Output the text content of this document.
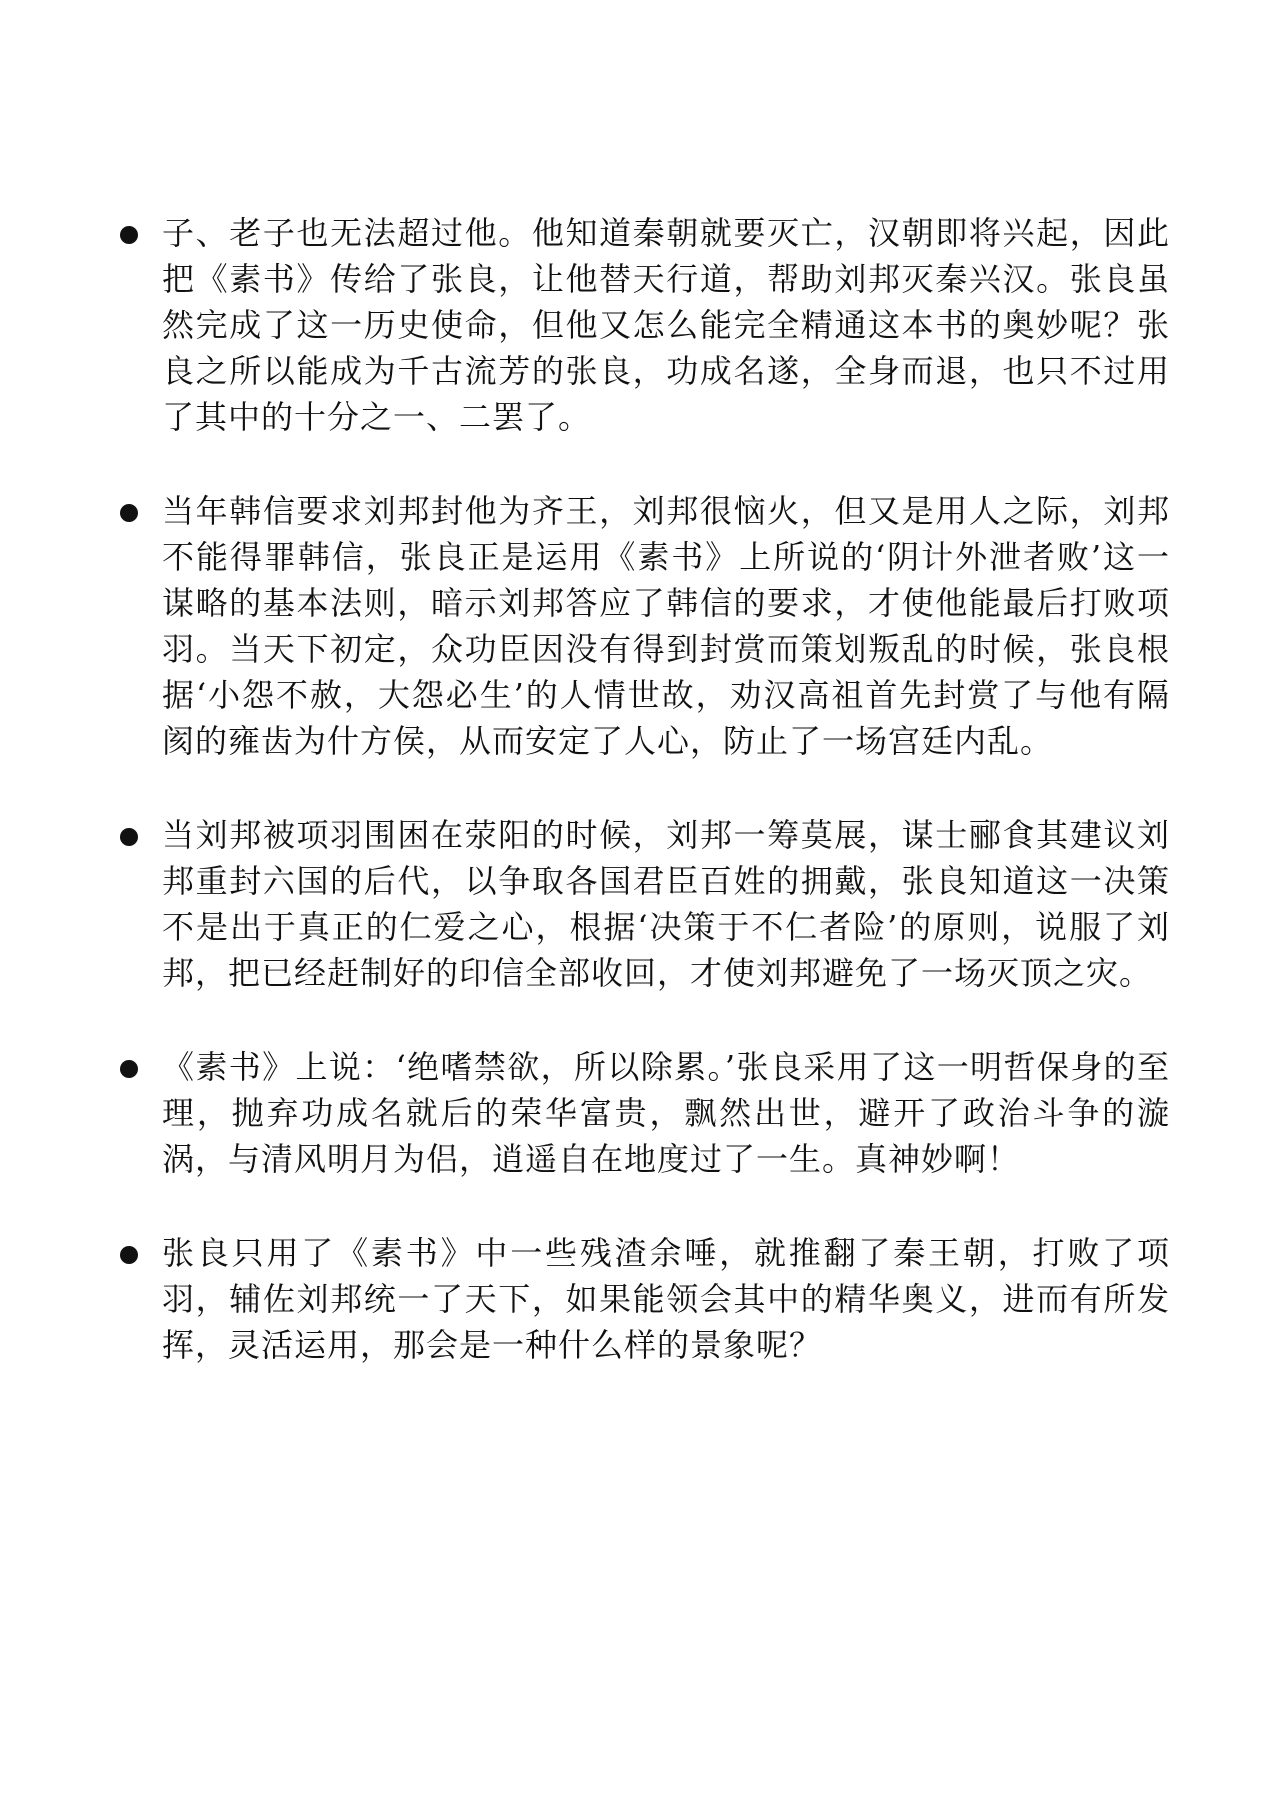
子、老子也无法超过他。他知道秦朝就要灭亡，汉朝即将兴起，因此把《素书》传给了张良，让他替天行道，帮助刘邦灭秦兴汉。张良虽然完成了这一历史使命，但他又怎么能完全精通这本书的奥妙呢？张良之所以能成为千古流芳的张良，功成名遂，全身而退，也只不过用了其中的十分之一、二罢了。
当年韩信要求刘邦封他为齐王，刘邦很恼火，但又是用人之际，刘邦不能得罪韩信，张良正是运用《素书》上所说的‘阴计外泄者败’这一谋略的基本法则，暗示刘邦答应了韩信的要求，才使他能最后打败项羽。当天下初定，众功臣因没有得到封赏而策划叛乱的时候，张良根据‘小怨不赦，大怨必生’的人情世故，劝汉高祖首先封赏了与他有隔阂的雍齿为什方侯，从而安定了人心，防止了一场宫廷内乱。
当刘邦被项羽围困在荥阳的时候，刘邦一筹莫展，谋士郦食其建议刘邦重封六国的后代，以争取各国君臣百姓的拥戴，张良知道这一决策不是出于真正的仁爱之心，根据‘决策于不仁者险’的原则，说服了刘邦，把已经赶制好的印信全部收回，才使刘邦避免了一场灭顶之灾。
《素书》上说：‘绝嗜禁欲，所以除累。’张良采用了这一明哲保身的至理，抛弃功成名就后的荣华富贵，飘然出世，避开了政治斗争的漩涡，与清风明月为侣，逍遥自在地度过了一生。真神妙啊！
张良只用了《素书》中一些残渣余唾，就推翻了秦王朝，打败了项羽，辅佐刘邦统一了天下，如果能领会其中的精华奥义，进而有所发挥，灵活运用，那会是一种什么样的景象呢？
